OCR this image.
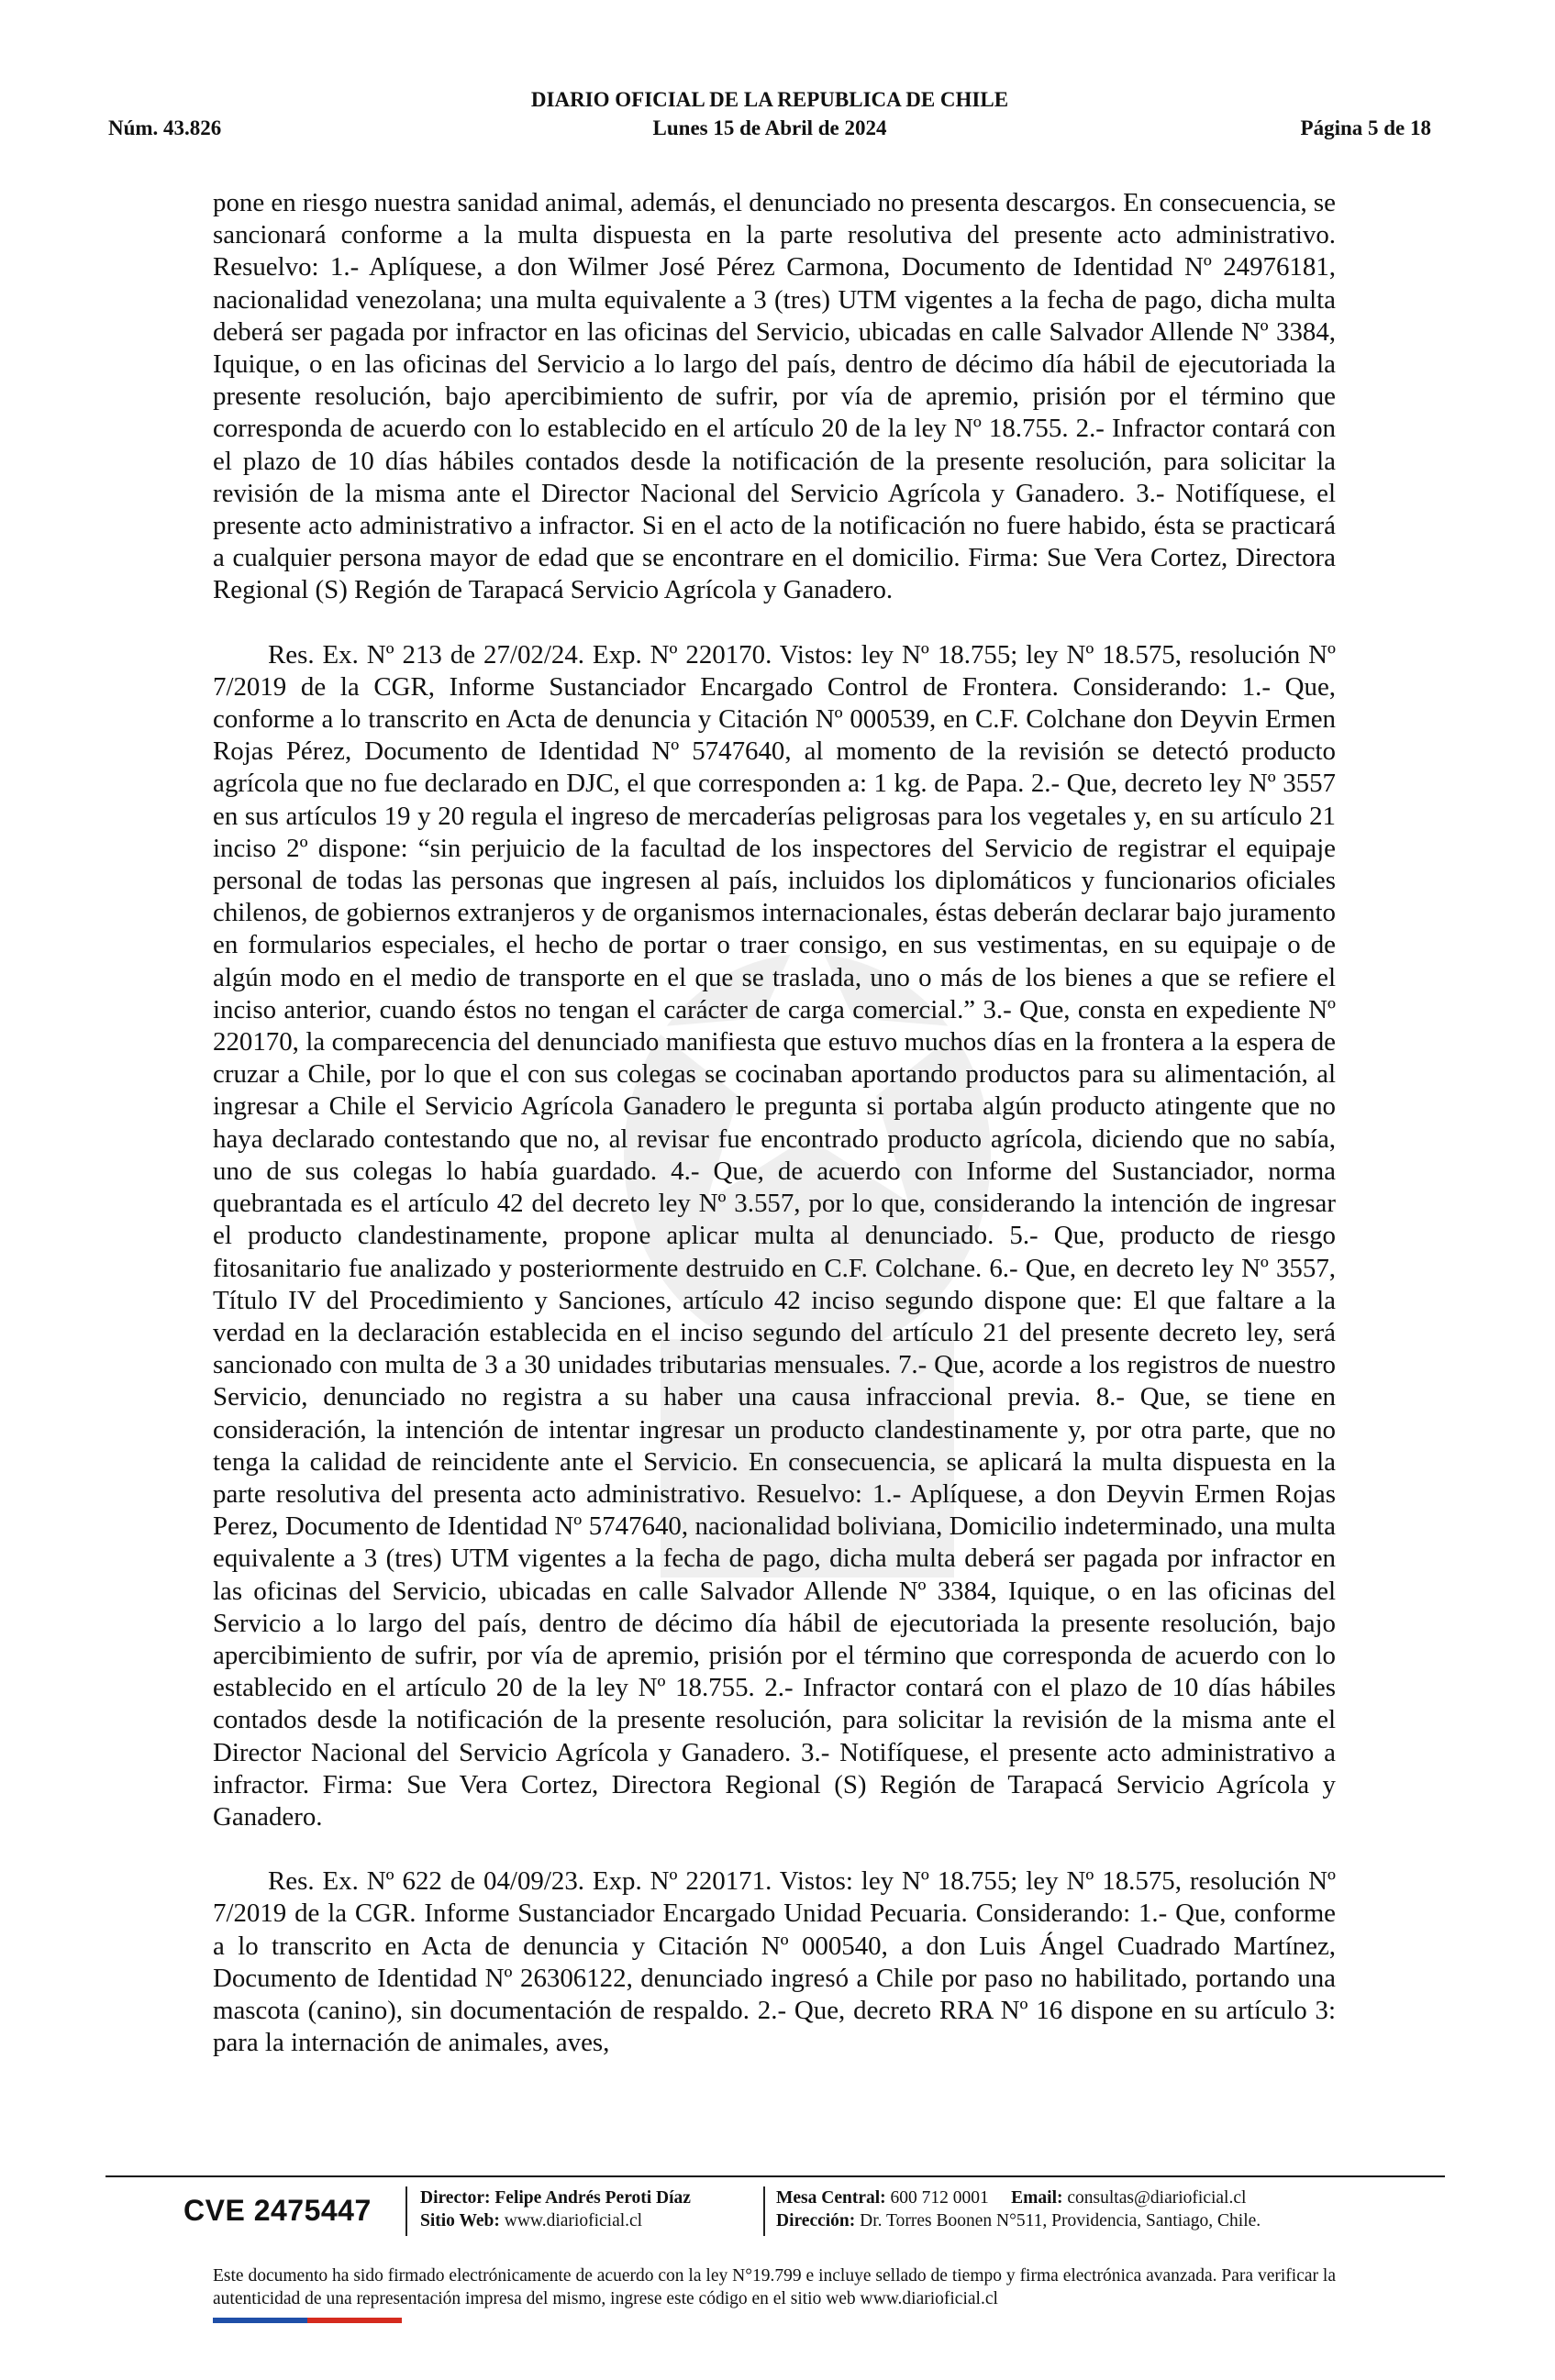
DIARIO OFICIAL DE LA REPUBLICA DE CHILE
Núm. 43.826	Lunes 15 de Abril de 2024	Página 5 de 18

pone en riesgo nuestra sanidad animal, además, el denunciado no presenta descargos. En consecuencia, se sancionará conforme a la multa dispuesta en la parte resolutiva del presente acto administrativo. Resuelvo: 1.- Aplíquese, a don Wilmer José Pérez Carmona, Documento de Identidad Nº 24976181, nacionalidad venezolana; una multa equivalente a 3 (tres) UTM vigentes a la fecha de pago, dicha multa deberá ser pagada por infractor en las oficinas del Servicio, ubicadas en calle Salvador Allende Nº 3384, Iquique, o en las oficinas del Servicio a lo largo del país, dentro de décimo día hábil de ejecutoriada la presente resolución, bajo apercibimiento de sufrir, por vía de apremio, prisión por el término que corresponda de acuerdo con lo establecido en el artículo 20 de la ley Nº 18.755. 2.- Infractor contará con el plazo de 10 días hábiles contados desde la notificación de la presente resolución, para solicitar la revisión de la misma ante el Director Nacional del Servicio Agrícola y Ganadero. 3.- Notifíquese, el presente acto administrativo a infractor. Si en el acto de la notificación no fuere habido, ésta se practicará a cualquier persona mayor de edad que se encontrare en el domicilio. Firma: Sue Vera Cortez, Directora Regional (S) Región de Tarapacá Servicio Agrícola y Ganadero.

Res. Ex. Nº 213 de 27/02/24. Exp. Nº 220170. Vistos: ley Nº 18.755; ley Nº 18.575, resolución Nº 7/2019 de la CGR, Informe Sustanciador Encargado Control de Frontera. Considerando: 1.- Que, conforme a lo transcrito en Acta de denuncia y Citación Nº 000539, en C.F. Colchane don Deyvin Ermen Rojas Pérez, Documento de Identidad Nº 5747640, al momento de la revisión se detectó producto agrícola que no fue declarado en DJC, el que corresponden a: 1 kg. de Papa. 2.- Que, decreto ley Nº 3557 en sus artículos 19 y 20 regula el ingreso de mercaderías peligrosas para los vegetales y, en su artículo 21 inciso 2º dispone: “sin perjuicio de la facultad de los inspectores del Servicio de registrar el equipaje personal de todas las personas que ingresen al país, incluidos los diplomáticos y funcionarios oficiales chilenos, de gobiernos extranjeros y de organismos internacionales, éstas deberán declarar bajo juramento en formularios especiales, el hecho de portar o traer consigo, en sus vestimentas, en su equipaje o de algún modo en el medio de transporte en el que se traslada, uno o más de los bienes a que se refiere el inciso anterior, cuando éstos no tengan el carácter de carga comercial.” 3.- Que, consta en expediente Nº 220170, la comparecencia del denunciado manifiesta que estuvo muchos días en la frontera a la espera de cruzar a Chile, por lo que el con sus colegas se cocinaban aportando productos para su alimentación, al ingresar a Chile el Servicio Agrícola Ganadero le pregunta si portaba algún producto atingente que no haya declarado contestando que no, al revisar fue encontrado producto agrícola, diciendo que no sabía, uno de sus colegas lo había guardado. 4.- Que, de acuerdo con Informe del Sustanciador, norma quebrantada es el artículo 42 del decreto ley Nº 3.557, por lo que, considerando la intención de ingresar el producto clandestinamente, propone aplicar multa al denunciado. 5.- Que, producto de riesgo fitosanitario fue analizado y posteriormente destruido en C.F. Colchane. 6.- Que, en decreto ley Nº 3557, Título IV del Procedimiento y Sanciones, artículo 42 inciso segundo dispone que: El que faltare a la verdad en la declaración establecida en el inciso segundo del artículo 21 del presente decreto ley, será sancionado con multa de 3 a 30 unidades tributarias mensuales. 7.- Que, acorde a los registros de nuestro Servicio, denunciado no registra a su haber una causa infraccional previa. 8.- Que, se tiene en consideración, la intención de intentar ingresar un producto clandestinamente y, por otra parte, que no tenga la calidad de reincidente ante el Servicio. En consecuencia, se aplicará la multa dispuesta en la parte resolutiva del presenta acto administrativo. Resuelvo: 1.- Aplíquese, a don Deyvin Ermen Rojas Perez, Documento de Identidad Nº 5747640, nacionalidad boliviana, Domicilio indeterminado, una multa equivalente a 3 (tres) UTM vigentes a la fecha de pago, dicha multa deberá ser pagada por infractor en las oficinas del Servicio, ubicadas en calle Salvador Allende Nº 3384, Iquique, o en las oficinas del Servicio a lo largo del país, dentro de décimo día hábil de ejecutoriada la presente resolución, bajo apercibimiento de sufrir, por vía de apremio, prisión por el término que corresponda de acuerdo con lo establecido en el artículo 20 de la ley Nº 18.755. 2.- Infractor contará con el plazo de 10 días hábiles contados desde la notificación de la presente resolución, para solicitar la revisión de la misma ante el Director Nacional del Servicio Agrícola y Ganadero. 3.- Notifíquese, el presente acto administrativo a infractor. Firma: Sue Vera Cortez, Directora Regional (S) Región de Tarapacá Servicio Agrícola y Ganadero.

Res. Ex. Nº 622 de 04/09/23. Exp. Nº 220171. Vistos: ley Nº 18.755; ley Nº 18.575, resolución Nº 7/2019 de la CGR. Informe Sustanciador Encargado Unidad Pecuaria. Considerando: 1.- Que, conforme a lo transcrito en Acta de denuncia y Citación Nº 000540, a don Luis Ángel Cuadrado Martínez, Documento de Identidad Nº 26306122, denunciado ingresó a Chile por paso no habilitado, portando una mascota (canino), sin documentación de respaldo. 2.- Que, decreto RRA Nº 16 dispone en su artículo 3: para la internación de animales, aves,

CVE 2475447	Director: Felipe Andrés Peroti Díaz
Sitio Web: www.diarioficial.cl
Mesa Central: 600 712 0001 Email: consultas@diarioficial.cl
Dirección: Dr. Torres Boonen N°511, Providencia, Santiago, Chile.
Este documento ha sido firmado electrónicamente de acuerdo con la ley N°19.799 e incluye sellado de tiempo y firma electrónica avanzada. Para verificar la autenticidad de una representación impresa del mismo, ingrese este código en el sitio web www.diarioficial.cl
